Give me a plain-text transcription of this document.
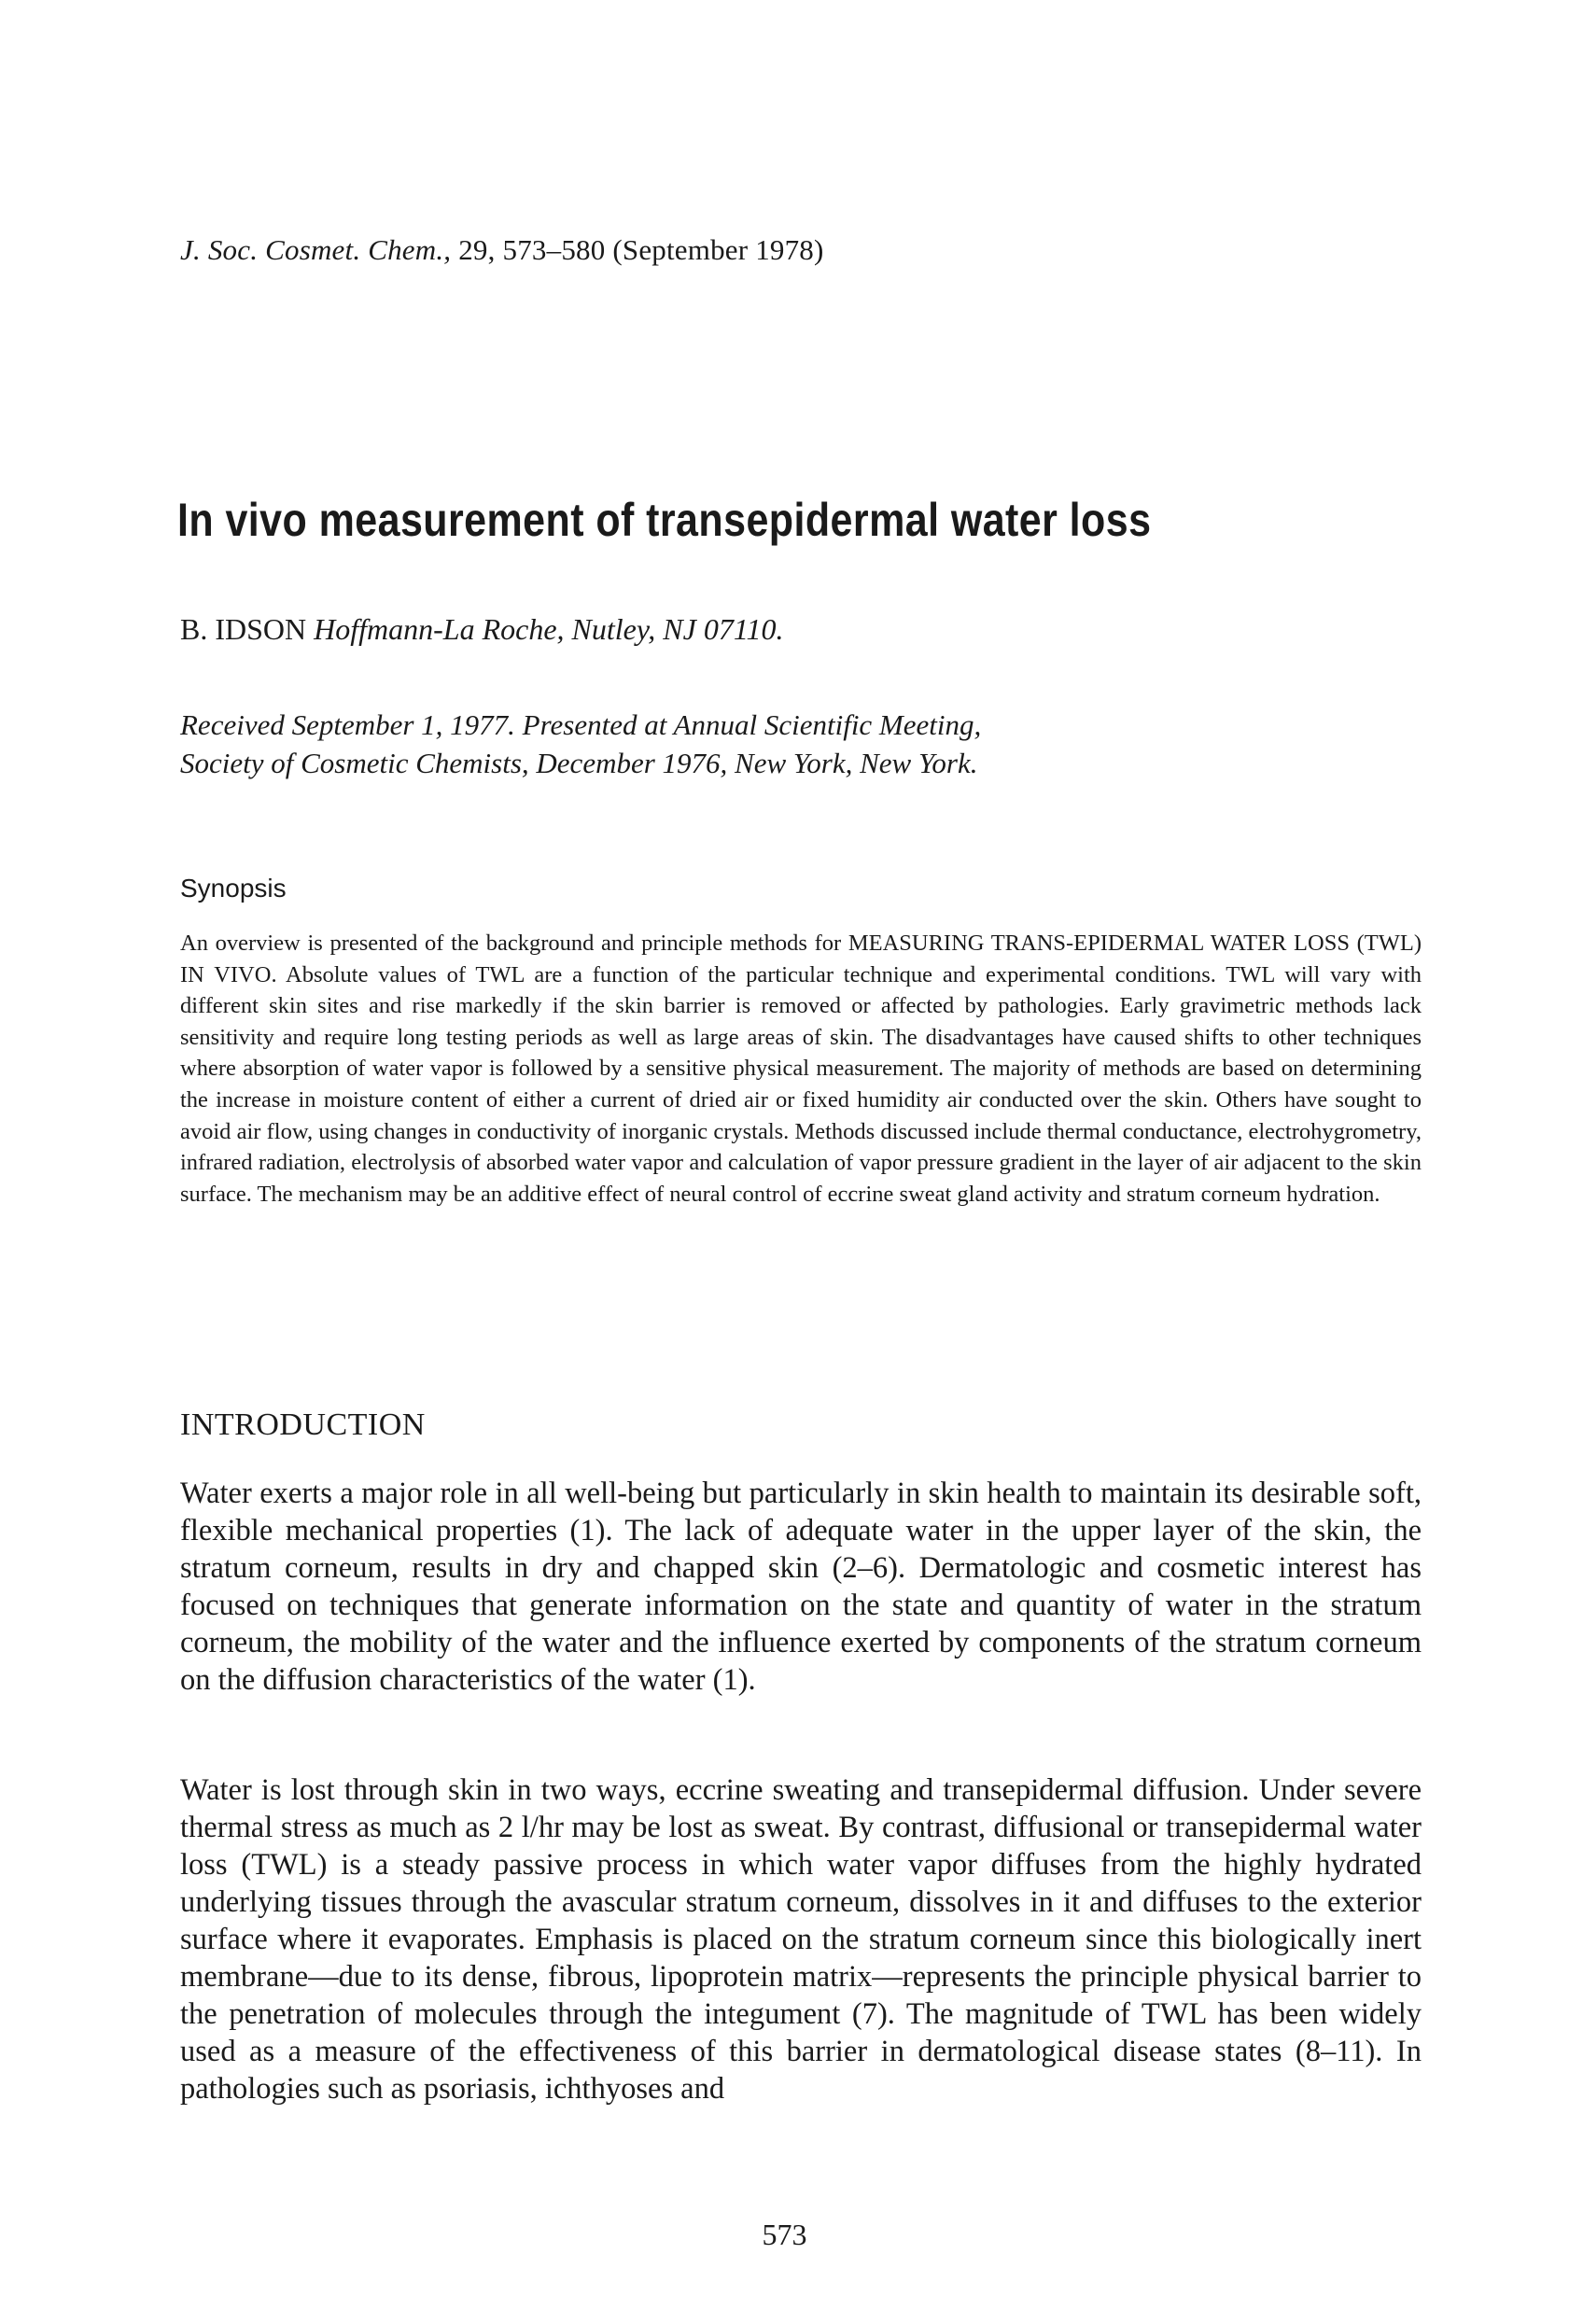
J. Soc. Cosmet. Chem., 29, 573–580 (September 1978)
In vivo measurement of transepidermal water loss
B. IDSON Hoffmann-La Roche, Nutley, NJ 07110.
Received September 1, 1977. Presented at Annual Scientific Meeting,
Society of Cosmetic Chemists, December 1976, New York, New York.
Synopsis
An overview is presented of the background and principle methods for MEASURING TRANS-EPIDERMAL WATER LOSS (TWL) IN VIVO. Absolute values of TWL are a function of the particular technique and experimental conditions. TWL will vary with different skin sites and rise markedly if the skin barrier is removed or affected by pathologies. Early gravimetric methods lack sensitivity and require long testing periods as well as large areas of skin. The disadvantages have caused shifts to other techniques where absorption of water vapor is followed by a sensitive physical measurement. The majority of methods are based on determining the increase in moisture content of either a current of dried air or fixed humidity air conducted over the skin. Others have sought to avoid air flow, using changes in conductivity of inorganic crystals. Methods discussed include thermal conductance, electrohygrometry, infrared radiation, electrolysis of absorbed water vapor and calculation of vapor pressure gradient in the layer of air adjacent to the skin surface. The mechanism may be an additive effect of neural control of eccrine sweat gland activity and stratum corneum hydration.
INTRODUCTION
Water exerts a major role in all well-being but particularly in skin health to maintain its desirable soft, flexible mechanical properties (1). The lack of adequate water in the upper layer of the skin, the stratum corneum, results in dry and chapped skin (2–6). Dermatologic and cosmetic interest has focused on techniques that generate information on the state and quantity of water in the stratum corneum, the mobility of the water and the influence exerted by components of the stratum corneum on the diffusion characteristics of the water (1).
Water is lost through skin in two ways, eccrine sweating and transepidermal diffusion. Under severe thermal stress as much as 2 l/hr may be lost as sweat. By contrast, diffusional or transepidermal water loss (TWL) is a steady passive process in which water vapor diffuses from the highly hydrated underlying tissues through the avascular stratum corneum, dissolves in it and diffuses to the exterior surface where it evaporates. Emphasis is placed on the stratum corneum since this biologically inert membrane—due to its dense, fibrous, lipoprotein matrix—represents the principle physical barrier to the penetration of molecules through the integument (7). The magnitude of TWL has been widely used as a measure of the effectiveness of this barrier in dermatological disease states (8–11). In pathologies such as psoriasis, ichthyoses and
573
